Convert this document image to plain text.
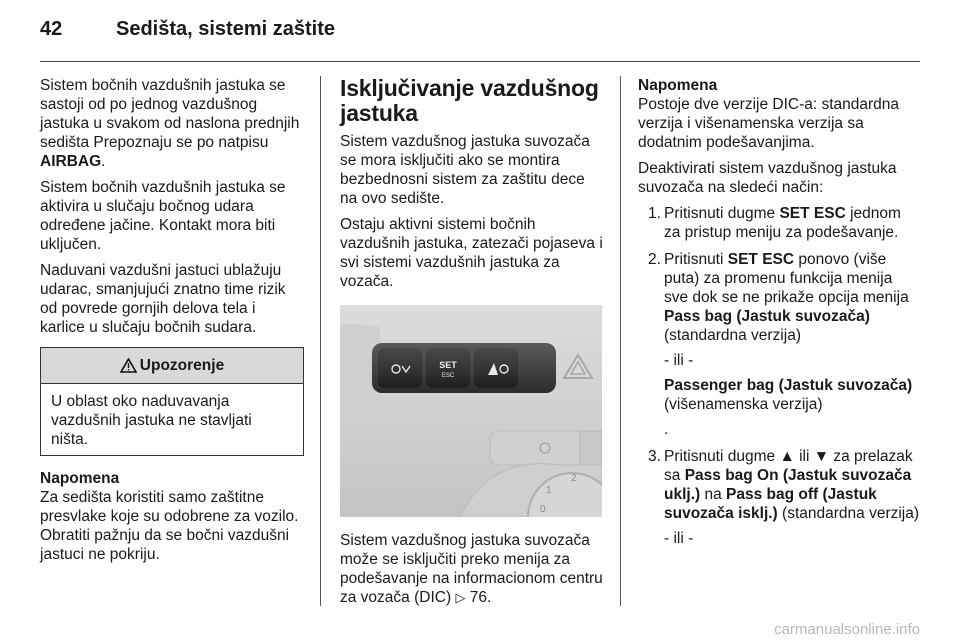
42	Sedišta, sistemi zaštite

Sistem bočnih vazdušnih jastuka se sastoji od po jednog vazdušnog jastuka u svakom od naslona prednjih sedišta Prepoznaju se po natpisu
AIRBAG.

Sistem bočnih vazdušnih jastuka se aktivira u slučaju bočnog udara određene jačine. Kontakt mora biti uključen.

Naduvani vazdušni jastuci ublažuju udarac, smanjujući znatno time rizik od povrede gornjih delova tela i karlice u slučaju bočnih sudara.

Upozorenje
U oblast oko naduvavanja vazdušnih jastuka ne stavljati ništa.
Napomena
Za sedišta koristiti samo zaštitne presvlake koje su odobrene za vozilo. Obratiti pažnju da se bočni vazdušni jastuci ne pokriju.
Isključivanje vazdušnog jastuka

Sistem vazdušnog jastuka suvozača se mora isključiti ako se montira bezbednosni sistem za zaštitu dece na ovo sedište.

Ostaju aktivni sistemi bočnih vazdušnih jastuka, zatezači pojaseva i svi sistemi vazdušnih jastuka za vozača.

SET
ESC
1
2
0

Sistem vazdušnog jastuka suvozača može se isključiti preko menija za podešavanje na informacionom centru za vozača (DIC) ▷ 76.

Napomena
Postoje dve verzije DIC-a: standardna verzija i višenamenska verzija sa dodatnim podešavanjima.

Deaktivirati sistem vazdušnog jastuka suvozača na sledeći način:

1. Pritisnuti dugme SET ESC jednom za pristup meniju za podešavanje.
2. Pritisnuti SET ESC ponovo (više puta) za promenu funkcija menija sve dok se ne prikaže opcija menija Pass bag (Jastuk suvozača) (standardna verzija)
- ili -
Passenger bag (Jastuk suvozača) (višenamenska verzija)
.
3. Pritisnuti dugme ▲ ili ▼ za prelazak sa Pass bag On (Jastuk suvozača uklj.) na Pass bag off (Jastuk suvozača isklj.) (standardna verzija)
- ili -
carmanualsonline.info
